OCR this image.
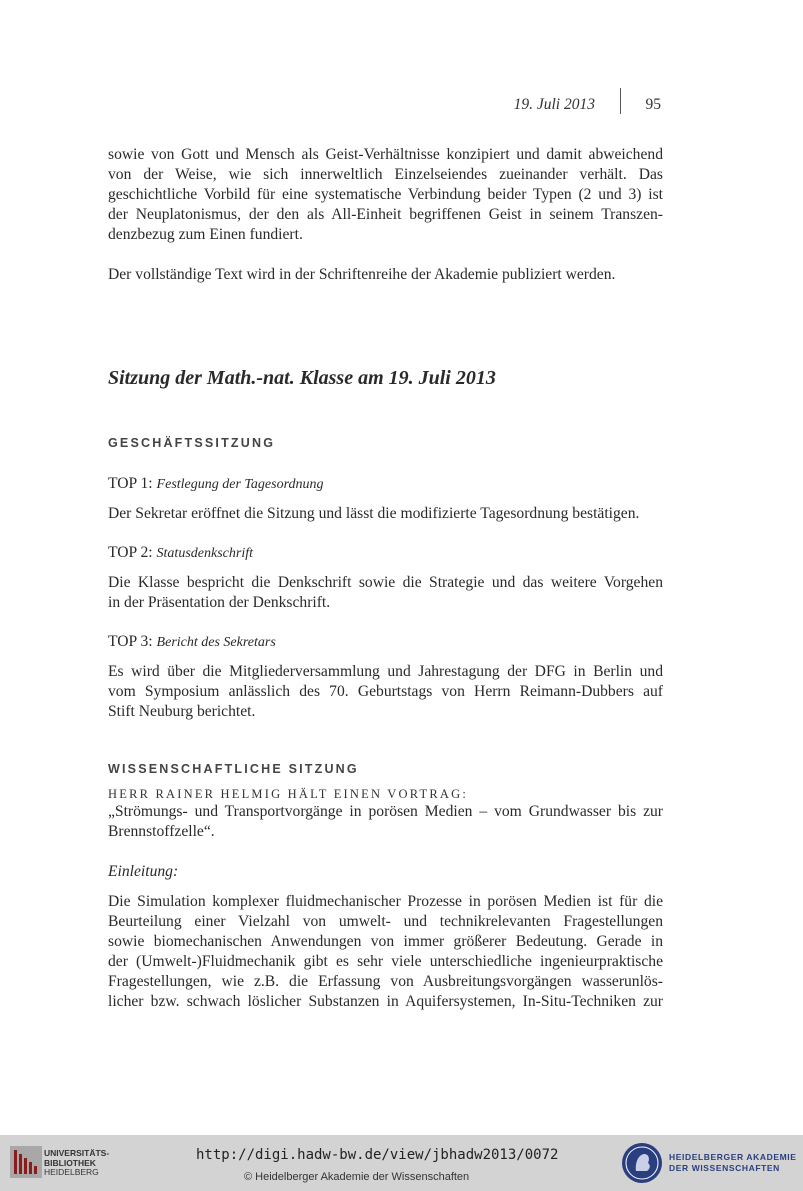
19. Juli 2013	95

sowie von Gott und Mensch als Geist-Verhältnisse konzipiert und damit abweichend

von der Weise, wie sich innerweltlich Einzelseiendes zueinander verhält. Das

geschichtliche Vorbild für eine systematische Verbindung beider Typen (2 und 3) ist

der Neuplatonismus, der den als All-Einheit begriffenen Geist in seinem Transzen-

denzbezug zum Einen fundiert.

Der vollständige Text wird in der Schriftenreihe der Akademie publiziert werden.

Sitzung der Math.-nat. Klasse am 19. Juli 2013
GESCHÄFTSSITZUNG
TOP 1: Festlegung der Tagesordnung

Der Sekretar eröffnet die Sitzung und lässt die modifizierte Tagesordnung bestätigen.

TOP 2: Statusdenkschrift

Die Klasse bespricht die Denkschrift sowie die Strategie und das weitere Vorgehen

in der Präsentation der Denkschrift.

TOP 3: Bericht des Sekretars

Es wird über die Mitgliederversammlung und Jahrestagung der DFG in Berlin und

vom Symposium anlässlich des 70. Geburtstags von Herrn Reimann-Dubbers auf

Stift Neuburg berichtet.

WISSENSCHAFTLICHE SITZUNG
HERR RAINER HELMIG HÄLT EINEN VORTRAG:

„Strömungs- und Transportvorgänge in porösen Medien – vom Grundwasser bis zur

Brennstoffzelle“.

Einleitung:

Die Simulation komplexer fluidmechanischer Prozesse in porösen Medien ist für die

Beurteilung einer Vielzahl von umwelt- und technikrelevanten Fragestellungen

sowie biomechanischen Anwendungen von immer größerer Bedeutung. Gerade in

der (Umwelt-)Fluidmechanik gibt es sehr viele unterschiedliche ingenieurpraktische

Fragestellungen, wie z.B. die Erfassung von Ausbreitungsvorgängen wasserunlös-

licher bzw. schwach löslicher Substanzen in Aquifersystemen, In-Situ-Techniken zur

UNIVERSITÄTS-
BIBLIOTHEK
HEIDELBERG
http://digi.hadw-bw.de/view/jbhadw2013/0072
© Heidelberger Akademie der Wissenschaften
HEIDELBERGER AKADEMIE
DER WISSENSCHAFTEN
